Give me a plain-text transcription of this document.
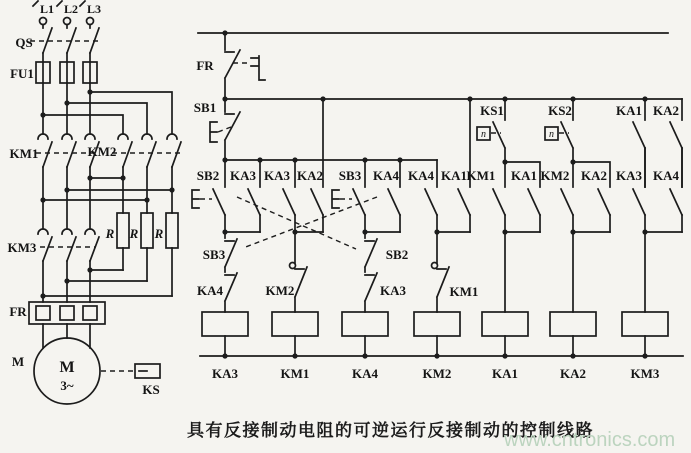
L1 L2 L3
QS
FU1
KM1	KM2
R R R
KM3
FR
M
3~
M
KS
FR
SB1
n
KS1
n
KS2	KA1 KA2
SB2 KA3 KA3 KA2 SB3 KA4 KA4 KA1 KM1 KA1 KM2 KA2 KA3 KA4
SB3
KA4	KM2
SB2
KA3	KM1
KA3	KM1	KA4	KM2	KA1	KA2	KM3
具有反接制动电阻的可逆运行反接制动的控制线路
www.cntronics.com
